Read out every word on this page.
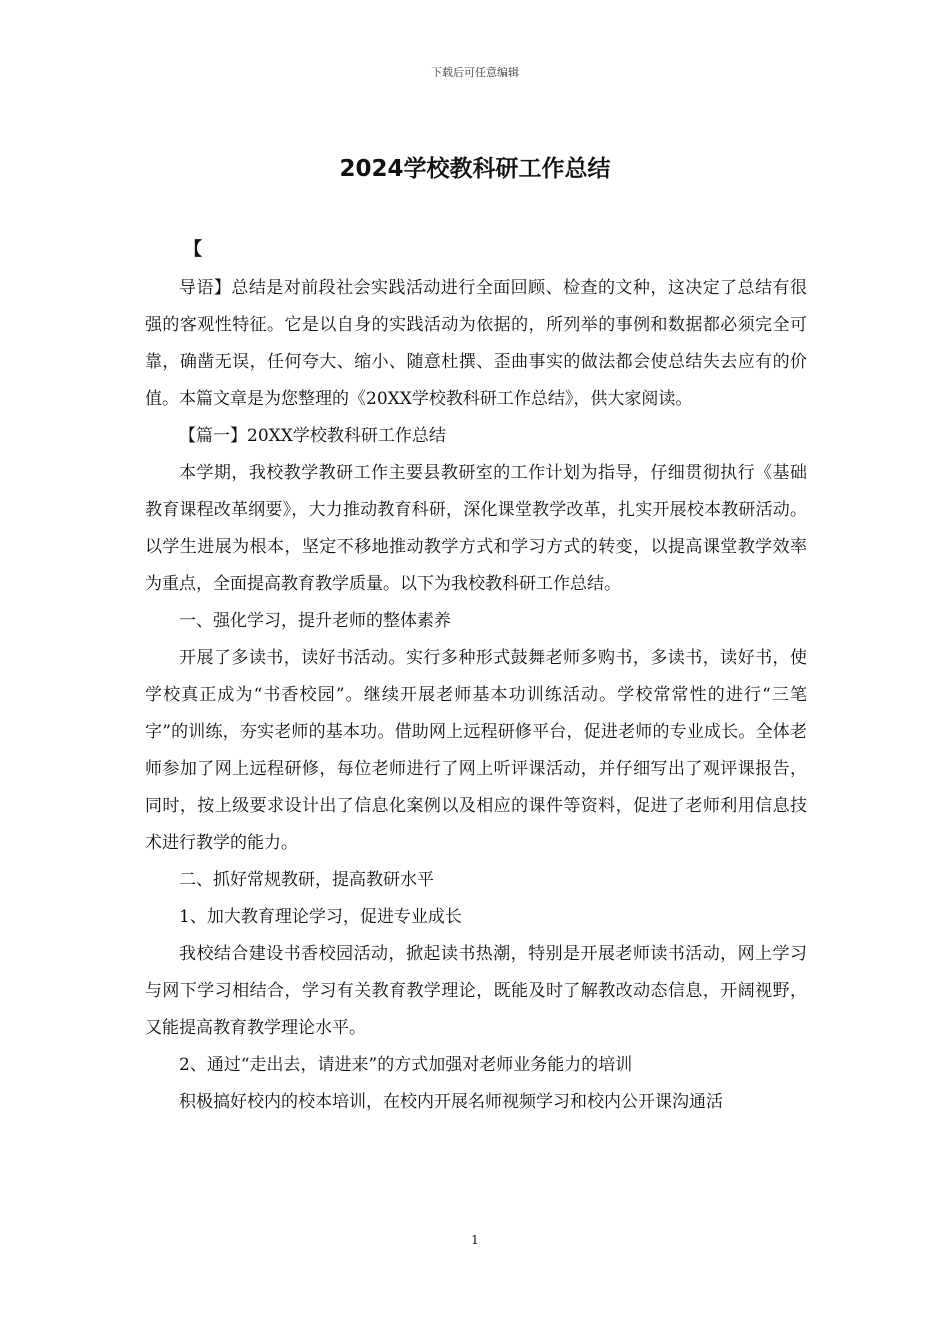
下载后可任意编辑
2024学校教科研工作总结
【

导语】总结是对前段社会实践活动进行全面回顾、检查的文种，这决定了总结有很强的客观性特征。它是以自身的实践活动为依据的，所列举的事例和数据都必须完全可靠，确凿无误，任何夸大、缩小、随意杜撰、歪曲事实的做法都会使总结失去应有的价值。本篇文章是为您整理的《20XX学校教科研工作总结》，供大家阅读。

【篇一】20XX学校教科研工作总结

本学期，我校教学教研工作主要县教研室的工作计划为指导，仔细贯彻执行《基础教育课程改革纲要》，大力推动教育科研，深化课堂教学改革，扎实开展校本教研活动。以学生进展为根本，坚定不移地推动教学方式和学习方式的转变，以提高课堂教学效率为重点，全面提高教育教学质量。以下为我校教科研工作总结。

一、强化学习，提升老师的整体素养

开展了多读书，读好书活动。实行多种形式鼓舞老师多购书，多读书，读好书，使学校真正成为“书香校园”。继续开展老师基本功训练活动。学校常常性的进行“三笔字”的训练，夯实老师的基本功。借助网上远程研修平台，促进老师的专业成长。全体老师参加了网上远程研修，每位老师进行了网上听评课活动，并仔细写出了观评课报告，同时，按上级要求设计出了信息化案例以及相应的课件等资料，促进了老师利用信息技术进行教学的能力。

二、抓好常规教研，提高教研水平

1、加大教育理论学习，促进专业成长

我校结合建设书香校园活动，掀起读书热潮，特别是开展老师读书活动，网上学习与网下学习相结合，学习有关教育教学理论，既能及时了解教改动态信息，开阔视野，又能提高教育教学理论水平。

2、通过“走出去，请进来”的方式加强对老师业务能力的培训

积极搞好校内的校本培训，在校内开展名师视频学习和校内公开课沟通活

1
